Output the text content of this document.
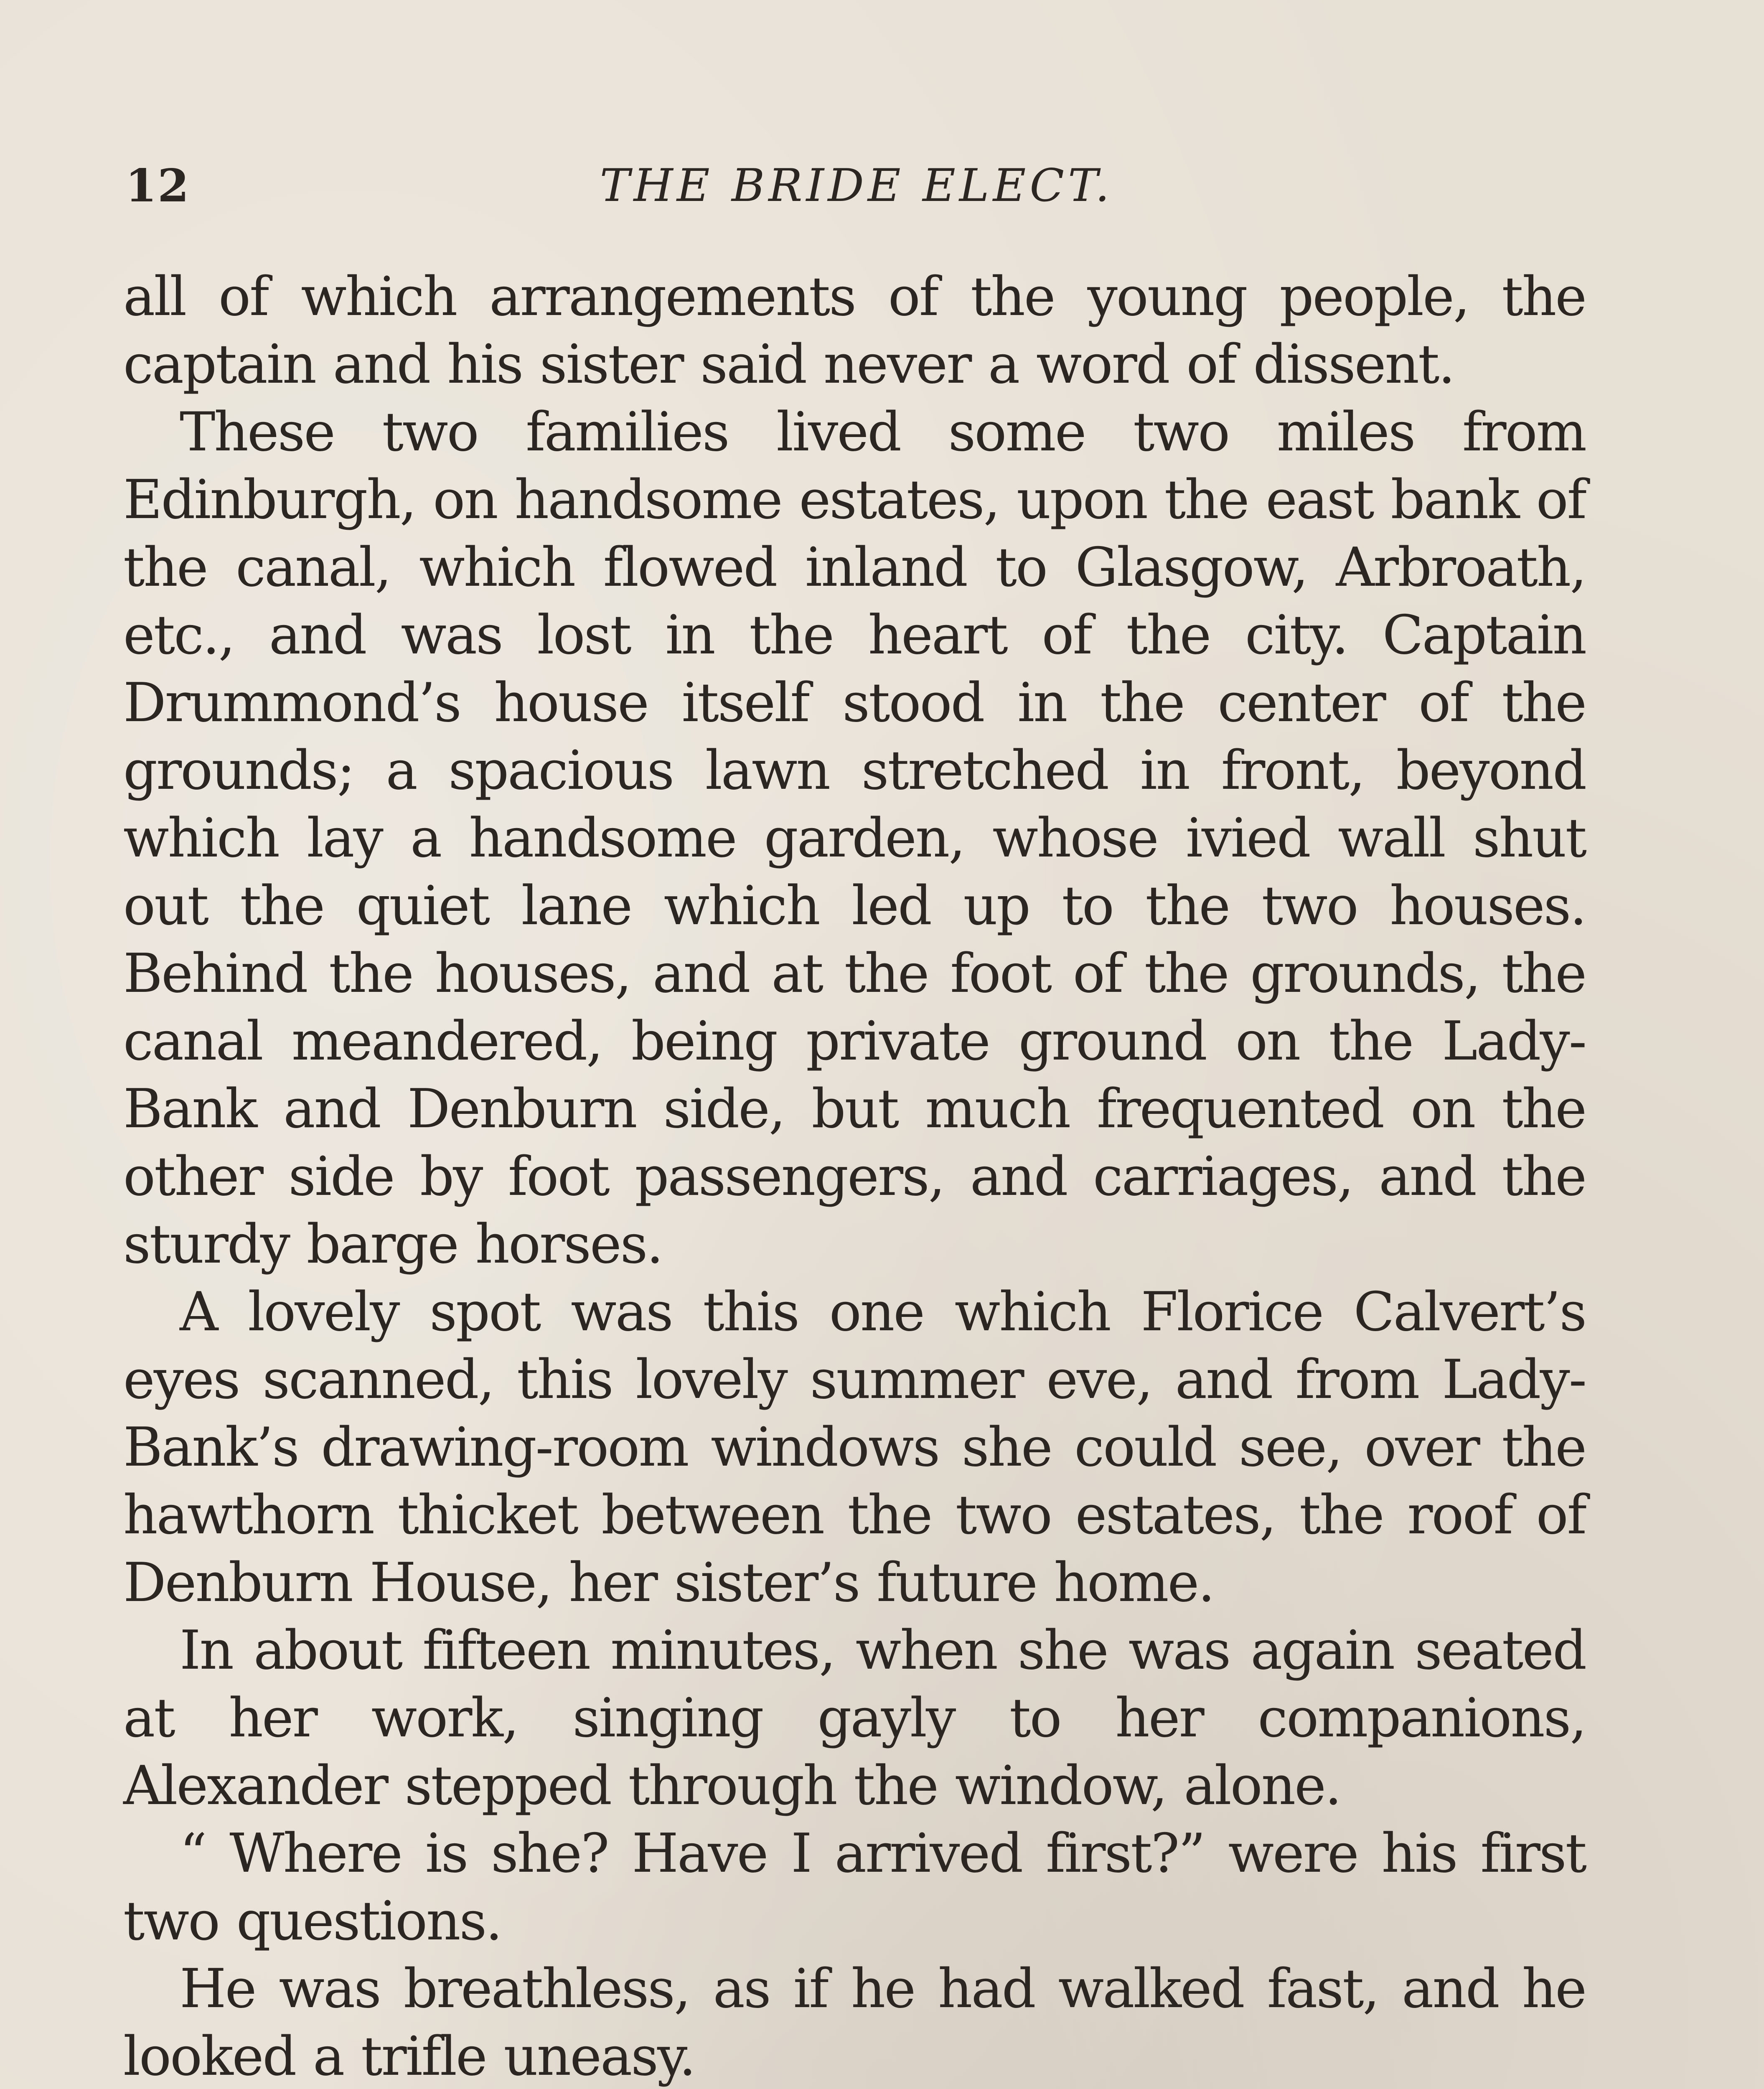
12	THE BRIDE ELECT.

all of which arrangements of the young people, the captain and his sister said never a word of dissent.

These two families lived some two miles from Edinburgh, on handsome estates, upon the east bank of the canal, which flowed inland to Glasgow, Arbroath, etc., and was lost in the heart of the city. Captain Drummond’s house itself stood in the center of the grounds; a spacious lawn stretched in front, beyond which lay a handsome garden, whose ivied wall shut out the quiet lane which led up to the two houses. Behind the houses, and at the foot of the grounds, the canal meandered, being private ground on the Lady-Bank and Denburn side, but much frequented on the other side by foot passengers, and carriages, and the sturdy barge horses.

A lovely spot was this one which Florice Calvert’s eyes scanned, this lovely summer eve, and from Lady-Bank’s drawing-room windows she could see, over the hawthorn thicket between the two estates, the roof of Denburn House, her sister’s future home.

In about fifteen minutes, when she was again seated at her work, singing gayly to her companions, Alexander stepped through the window, alone.

“ Where is she? Have I arrived first?” were his first two questions.

He was breathless, as if he had walked fast, and he looked a trifle uneasy.
